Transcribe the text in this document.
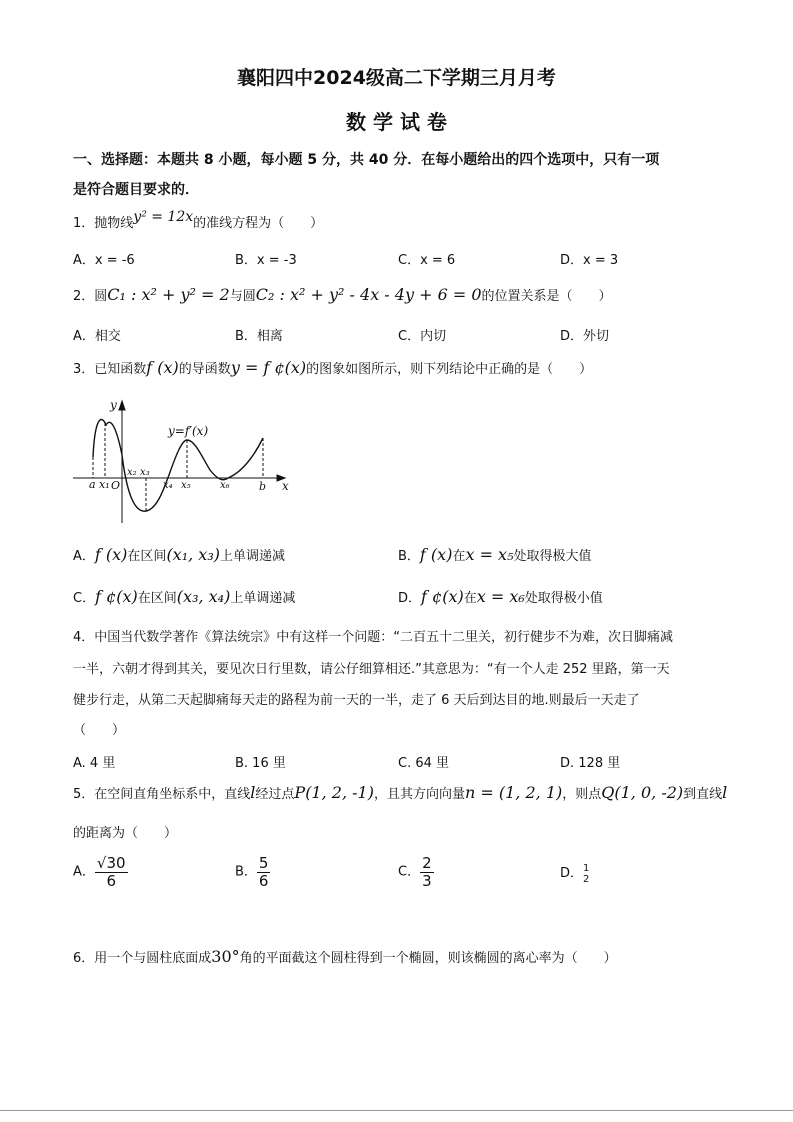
襄阳四中2024级高二下学期三月月考
数 学 试 卷
一、选择题：本题共 8 小题，每小题 5 分，共 40 分．在每小题给出的四个选项中，只有一项
是符合题目要求的．
1．抛物线y² = 12x的准线方程为（　　）
A．x = -6	B．x = -3	C．x = 6	D．x = 3
2．圆C₁ : x² + y² = 2与圆C₂ : x² + y² - 4x - 4y + 6 = 0的位置关系是（　　）
A．相交	B．相离	C．内切	D．外切
3．已知函数f (x)的导函数y = f ¢(x)的图象如图所示，则下列结论中正确的是（　　）
y
x
y=f′(x)
a x₁ O
x₂ x₃
x₄ x₅	x₆	b
A．f (x)在区间(x₁, x₃)上单调递减	B．f (x)在x = x₅处取得极大值
C．f ¢(x)在区间(x₃, x₄)上单调递减	D．f ¢(x)在x = x₆处取得极小值
4．中国当代数学著作《算法统宗》中有这样一个问题：“二百五十二里关，初行健步不为难，次日脚痛减
一半，六朝才得到其关，要见次日行里数，请公仔细算相还.”其意思为：“有一个人走 252 里路，第一天
健步行走，从第二天起脚痛每天走的路程为前一天的一半，走了 6 天后到达目的地.则最后一天走了
（　　）
A. 4 里	B. 16 里	C. 64 里	D. 128 里
5．在空间直角坐标系中，直线l经过点P(1, 2, -1)，且其方向向量n = (1, 2, 1)，则点Q(1, 0, -2)到直线l
的距离为（　　）
A． $\frac{√30}{6}$	B． $\frac{5}{6}$	C． $\frac{2}{3}$	D． 1
2
6．用一个与圆柱底面成30°角的平面截这个圆柱得到一个椭圆，则该椭圆的离心率为（　　）
